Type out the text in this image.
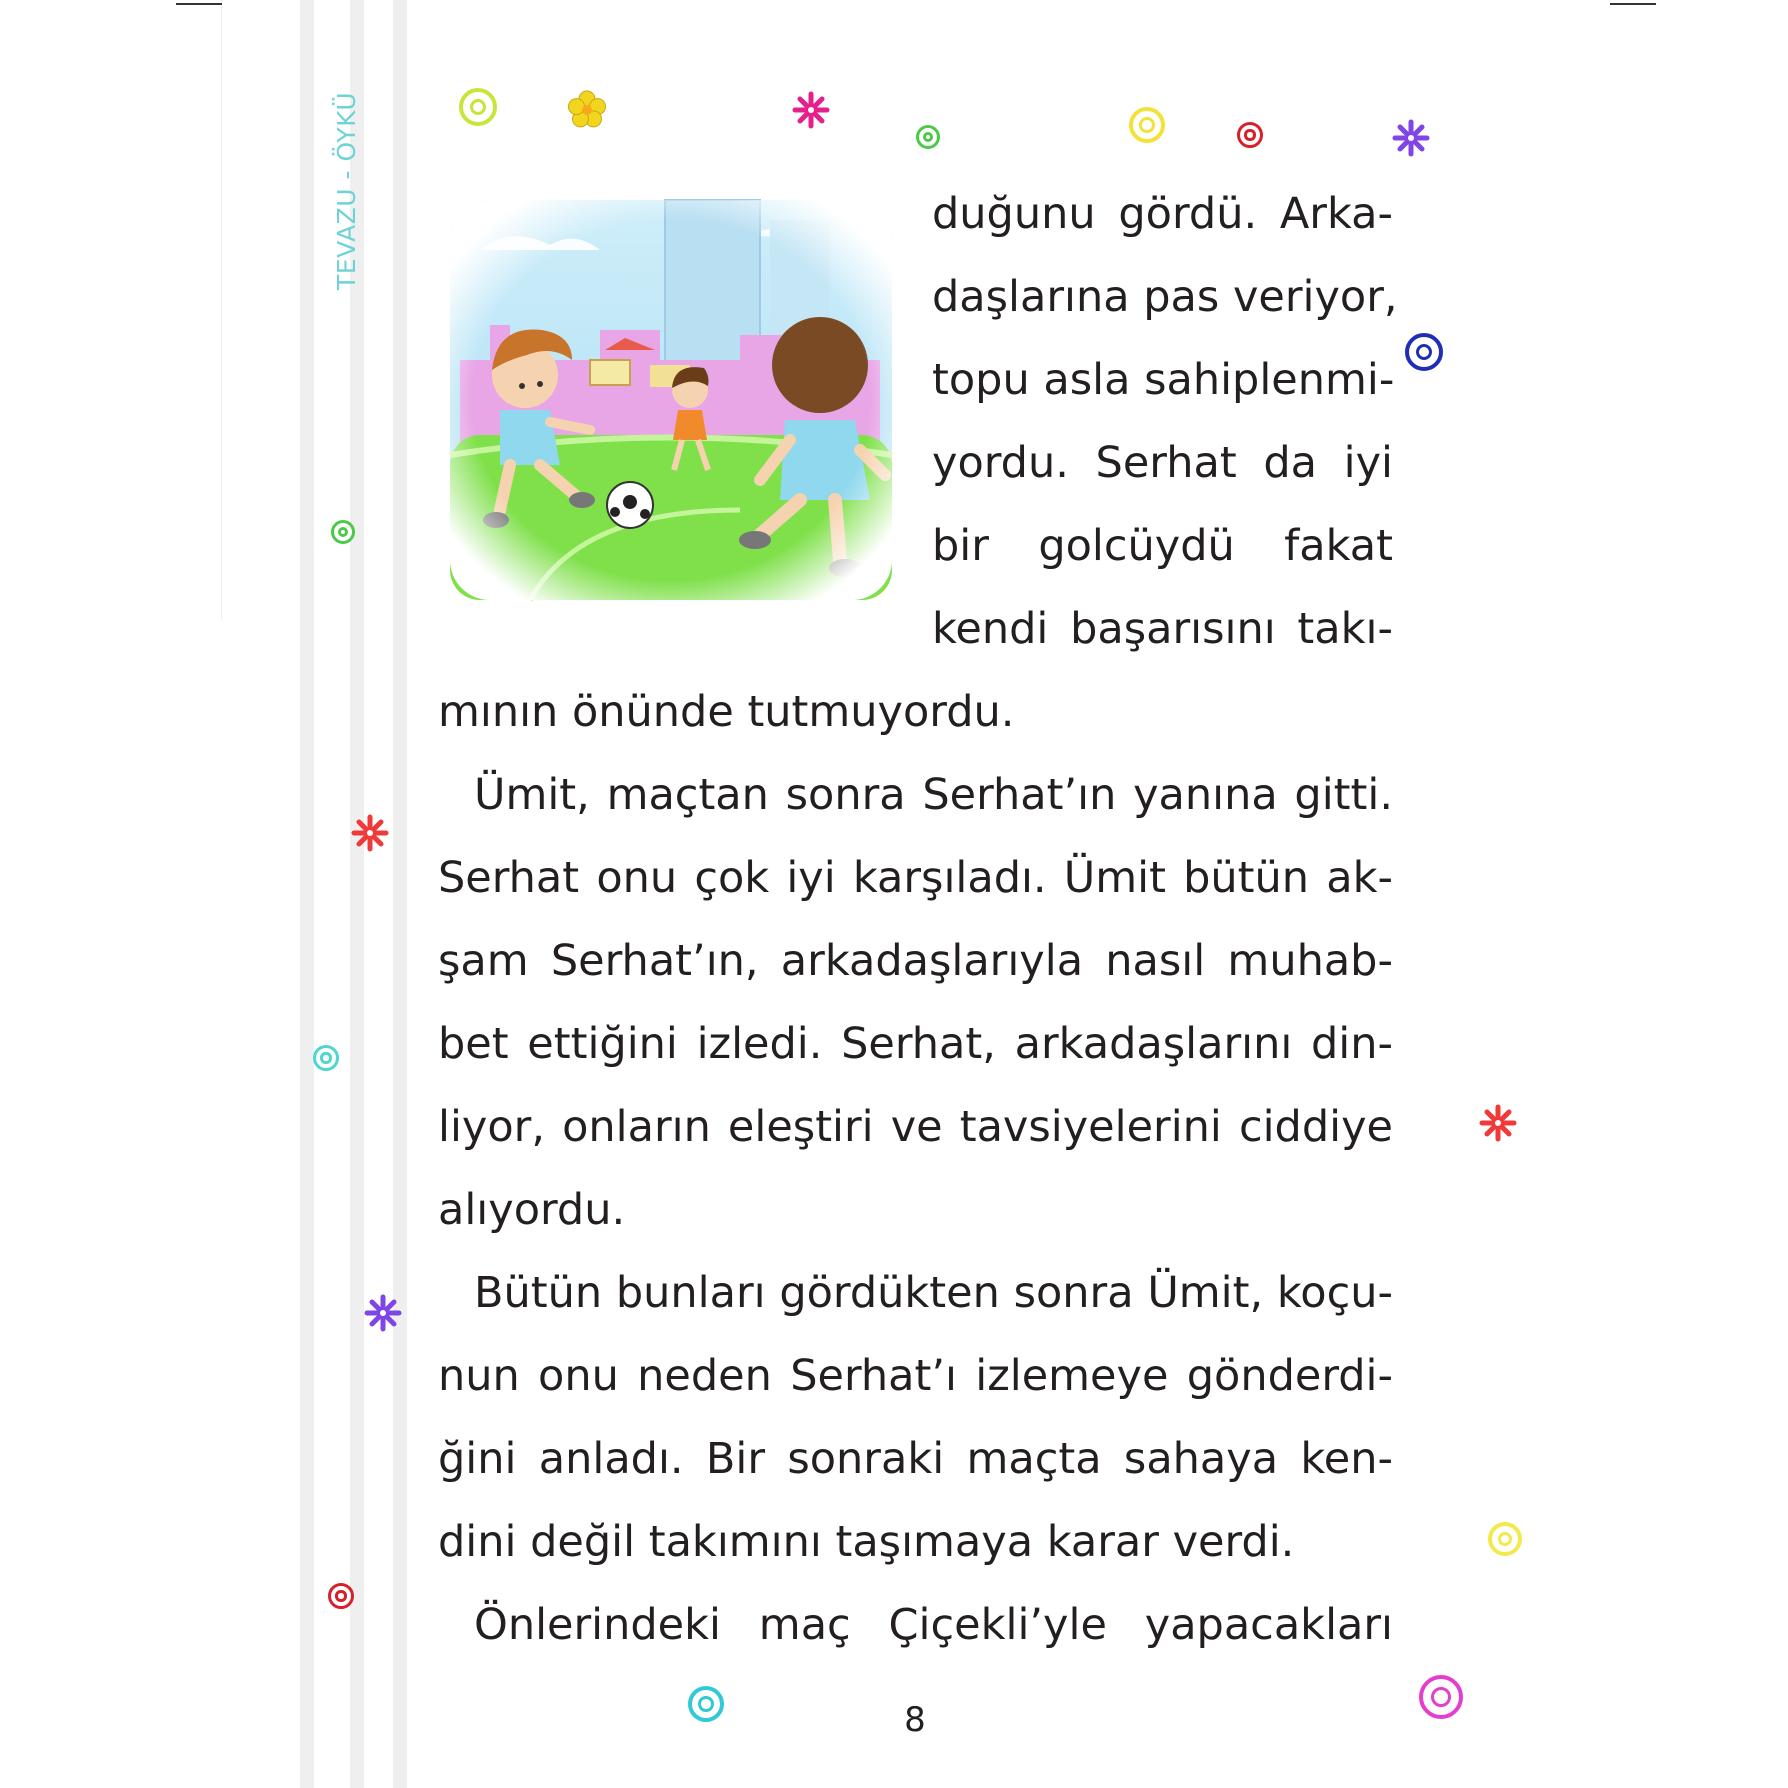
TEVAZU - ÖYKÜ	duğunu gördü. Arka-
daşlarına pas veriyor,
topu asla sahiplenmi-
yordu. Serhat da iyi
bir golcüydü fakat
kendi başarısını takı-
mının önünde tutmuyordu.
Ümit, maçtan sonra Serhat’ın yanına gitti.
Serhat onu çok iyi karşıladı. Ümit bütün ak-
şam Serhat’ın, arkadaşlarıyla nasıl muhab-
bet ettiğini izledi. Serhat, arkadaşlarını din-
liyor, onların eleştiri ve tavsiyelerini ciddiye
alıyordu.
Bütün bunları gördükten sonra Ümit, koçu-
nun onu neden Serhat’ı izlemeye gönderdi-
ğini anladı. Bir sonraki maçta sahaya ken-
dini değil takımını taşımaya karar verdi.
Önlerindeki maç Çiçekli’yle yapacakları
8
